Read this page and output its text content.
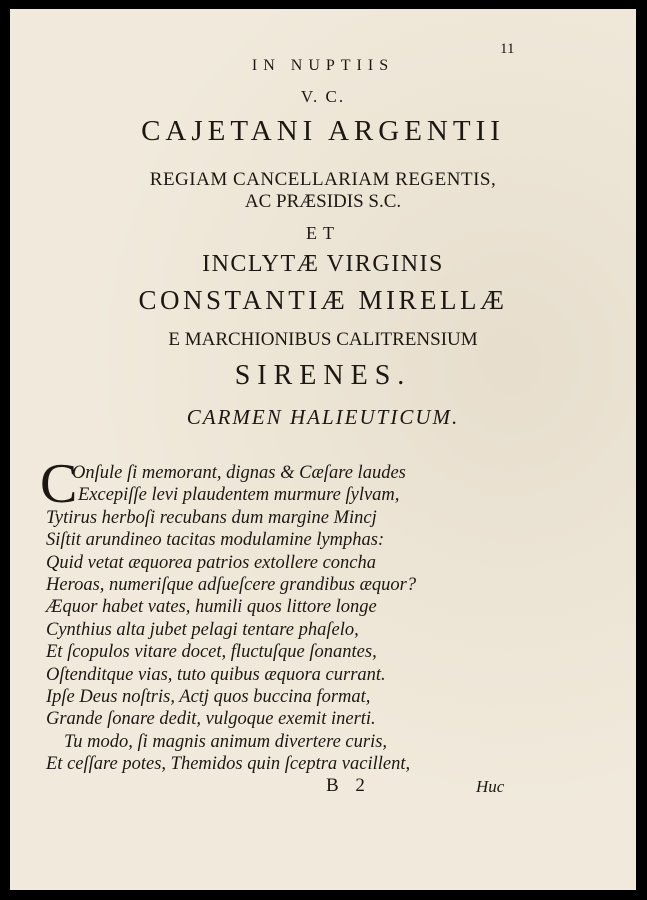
11
IN NUPTIIS
V. C.
CAJETANI ARGENTII
REGIAM CANCELLARIAM REGENTIS,
AC PRÆSIDIS S.C.
ET
INCLYTÆ VIRGINIS
CONSTANTIÆ MIRELLÆ
E MARCHIONIBUS CALITRENSIUM
SIRENES.
CARMEN HALIEUTICUM.
C
Onſule ſi memorant, dignas & Cæſare laudes
Excepiſſe levi plaudentem murmure ſylvam,
Tytirus herboſi recubans dum margine Mincj
Siſtit arundineo tacitas modulamine lymphas:
Quid vetat æquorea patrios extollere concha
Heroas, numeriſque adſueſcere grandibus æquor?
Æquor habet vates, humili quos littore longe
Cynthius alta jubet pelagi tentare phaſelo,
Et ſcopulos vitare docet, fluctuſque ſonantes,
Oſtenditque vias, tuto quibus æquora currant.
Ipſe Deus noſtris, Actj quos buccina format,
Grande ſonare dedit, vulgoque exemit inerti.
Tu modo, ſi magnis animum divertere curis,
Et ceſſare potes, Themidos quin ſceptra vacillent,
B 2	Huc
